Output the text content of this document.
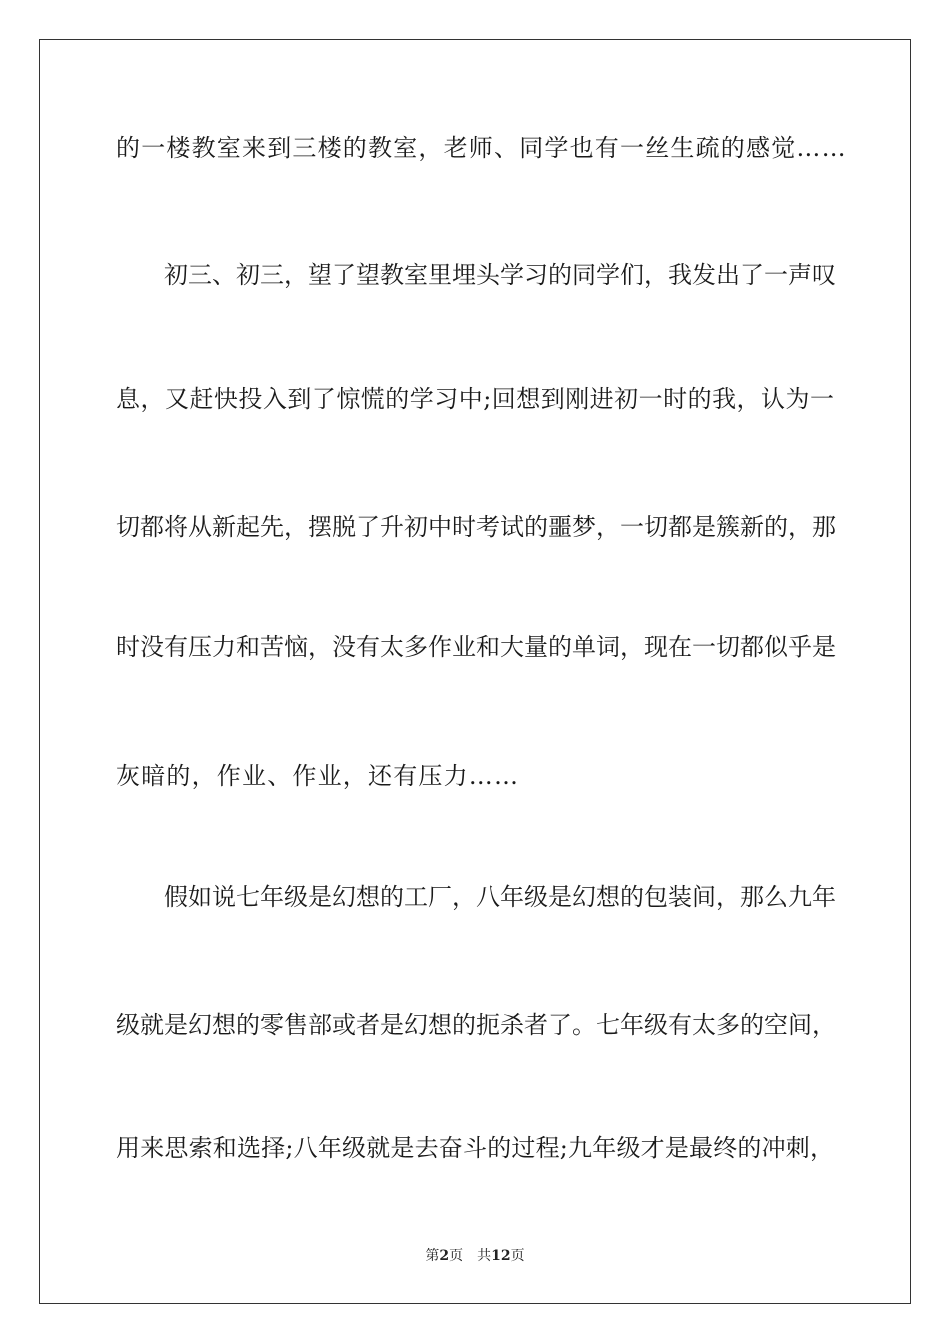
的一楼教室来到三楼的教室，老师、同学也有一丝生疏的感觉……
初三、初三，望了望教室里埋头学习的同学们，我发出了一声叹
息，又赶快投入到了惊慌的学习中;回想到刚进初一时的我，认为一
切都将从新起先，摆脱了升初中时考试的噩梦，一切都是簇新的，那
时没有压力和苦恼，没有太多作业和大量的单词，现在一切都似乎是
灰暗的，作业、作业，还有压力……
假如说七年级是幻想的工厂，八年级是幻想的包装间，那么九年
级就是幻想的零售部或者是幻想的扼杀者了。七年级有太多的空间，
用来思索和选择;八年级就是去奋斗的过程;九年级才是最终的冲刺，
第2页 共12页
